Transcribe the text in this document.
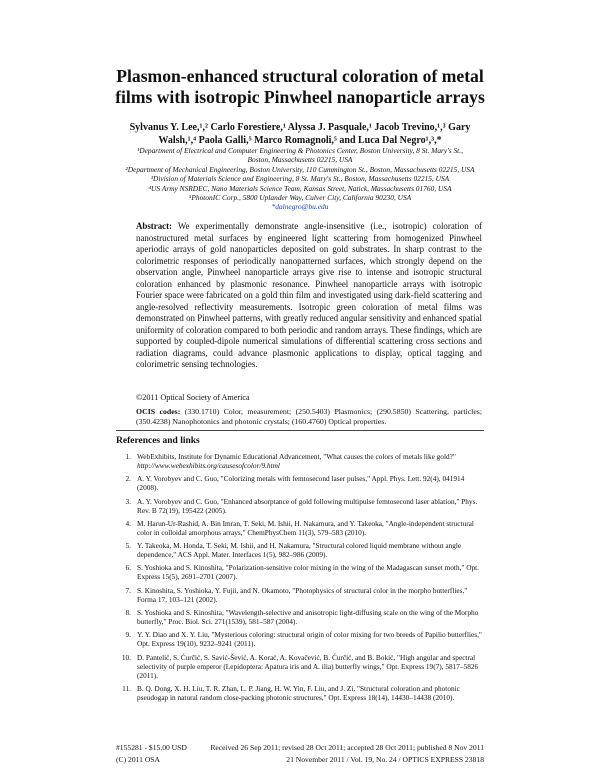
Plasmon-enhanced structural coloration of metal
films with isotropic Pinwheel nanoparticle arrays
Sylvanus Y. Lee,¹,² Carlo Forestiere,¹ Alyssa J. Pasquale,¹ Jacob Trevino,¹,³ Gary
Walsh,¹,⁴ Paola Galli,⁵ Marco Romagnoli,⁵ and Luca Dal Negro¹,³,*
¹Department of Electrical and Computer Engineering & Photonics Center, Boston University, 8 St. Mary's St.,
Boston, Massachusetts 02215, USA
²Department of Mechanical Engineering, Boston University, 110 Cummington St., Boston, Massachusetts 02215, USA
³Division of Materials Science and Engineering, 8 St. Mary's St., Boston, Massachusetts 02215, USA
⁴US Army NSRDEC, Nano Materials Science Team, Kansas Street, Natick, Massachusetts 01760, USA
⁵PhotonIC Corp., 5800 Uplander Way, Culver City, California 90230, USA
*dalnegro@bu.edu
Abstract: We experimentally demonstrate angle-insensitive (i.e., isotropic) coloration of nanostructured metal surfaces by engineered light scattering from homogenized Pinwheel aperiodic arrays of gold nanoparticles deposited on gold substrates. In sharp contrast to the colorimetric responses of periodically nanopatterned surfaces, which strongly depend on the observation angle, Pinwheel nanoparticle arrays give rise to intense and isotropic structural coloration enhanced by plasmonic resonance. Pinwheel nanoparticle arrays with isotropic Fourier space were fabricated on a gold thin film and investigated using dark-field scattering and angle-resolved reflectivity measurements. Isotropic green coloration of metal films was demonstrated on Pinwheel patterns, with greatly reduced angular sensitivity and enhanced spatial uniformity of coloration compared to both periodic and random arrays. These findings, which are supported by coupled-dipole numerical simulations of differential scattering cross sections and radiation diagrams, could advance plasmonic applications to display, optical tagging and colorimetric sensing technologies.
©2011 Optical Society of America
OCIS codes: (330.1710) Color, measurement; (250.5403) Plasmonics; (290.5850) Scattering, particles; (350.4238) Nanophotonics and photonic crystals; (160.4760) Optical properties.
References and links
1. WebExhibits, Institute for Dynamic Educational Advancement, "What causes the colors of metals like gold?"
http://www.webexhibits.org/causesofcolor/9.html
2. A. Y. Vorobyev and C. Guo, "Colorizing metals with femtosecond laser pulses," Appl. Phys. Lett. 92(4), 041914 (2008).
3. A. Y. Vorobyev and C. Guo, "Enhanced absorptance of gold following multipulse femtosecond laser ablation," Phys. Rev. B 72(19), 195422 (2005).
4. M. Harun-Ur-Rashid, A. Bin Imran, T. Seki, M. Ishii, H. Nakamura, and Y. Takeoka, "Angle-independent structural color in colloidal amorphous arrays," ChemPhysChem 11(3), 579–583 (2010).
5. Y. Takeoka, M. Honda, T. Seki, M. Ishii, and H. Nakamura, "Structural colored liquid membrane without angle dependence," ACS Appl. Mater. Interfaces 1(5), 982–986 (2009).
6. S. Yoshioka and S. Kinoshita, "Polarization-sensitive color mixing in the wing of the Madagascan sunset moth," Opt. Express 15(5), 2691–2701 (2007).
7. S. Kinoshita, S. Yoshioka, Y. Fujii, and N. Okamoto, "Photophysics of structural color in the morpho butterflies," Forma 17, 103–121 (2002).
8. S. Yoshioka and S. Kinoshita, "Wavelength-selective and anisotropic light-diffusing scale on the wing of the Morpho butterfly," Proc. Biol. Sci. 271(1539), 581–587 (2004).
9. Y. Y. Diao and X. Y. Liu, "Mysterious coloring: structural origin of color mixing for two breeds of Papilio butterflies," Opt. Express 19(10), 9232–9241 (2011).
10. D. Pantelić, S. Ćurčić, S. Savić-Šević, A. Korać, A. Kovačević, B. Ćurčić, and B. Bokić, "High angular and spectral selectivity of purple emperor (Lepidoptera: Apatura iris and A. ilia) butterfly wings," Opt. Express 19(7), 5817–5826 (2011).
11. B. Q. Dong, X. H. Liu, T. R. Zhan, L. P. Jiang, H. W. Yin, F. Liu, and J. Zi, "Structural coloration and photonic pseudogap in natural random close-packing photonic structures," Opt. Express 18(14), 14430–14438 (2010).
#155281 - $15.00 USD	Received 26 Sep 2011; revised 28 Oct 2011; accepted 28 Oct 2011; published 8 Nov 2011
(C) 2011 OSA	21 November 2011 / Vol. 19, No. 24 / OPTICS EXPRESS 23818
